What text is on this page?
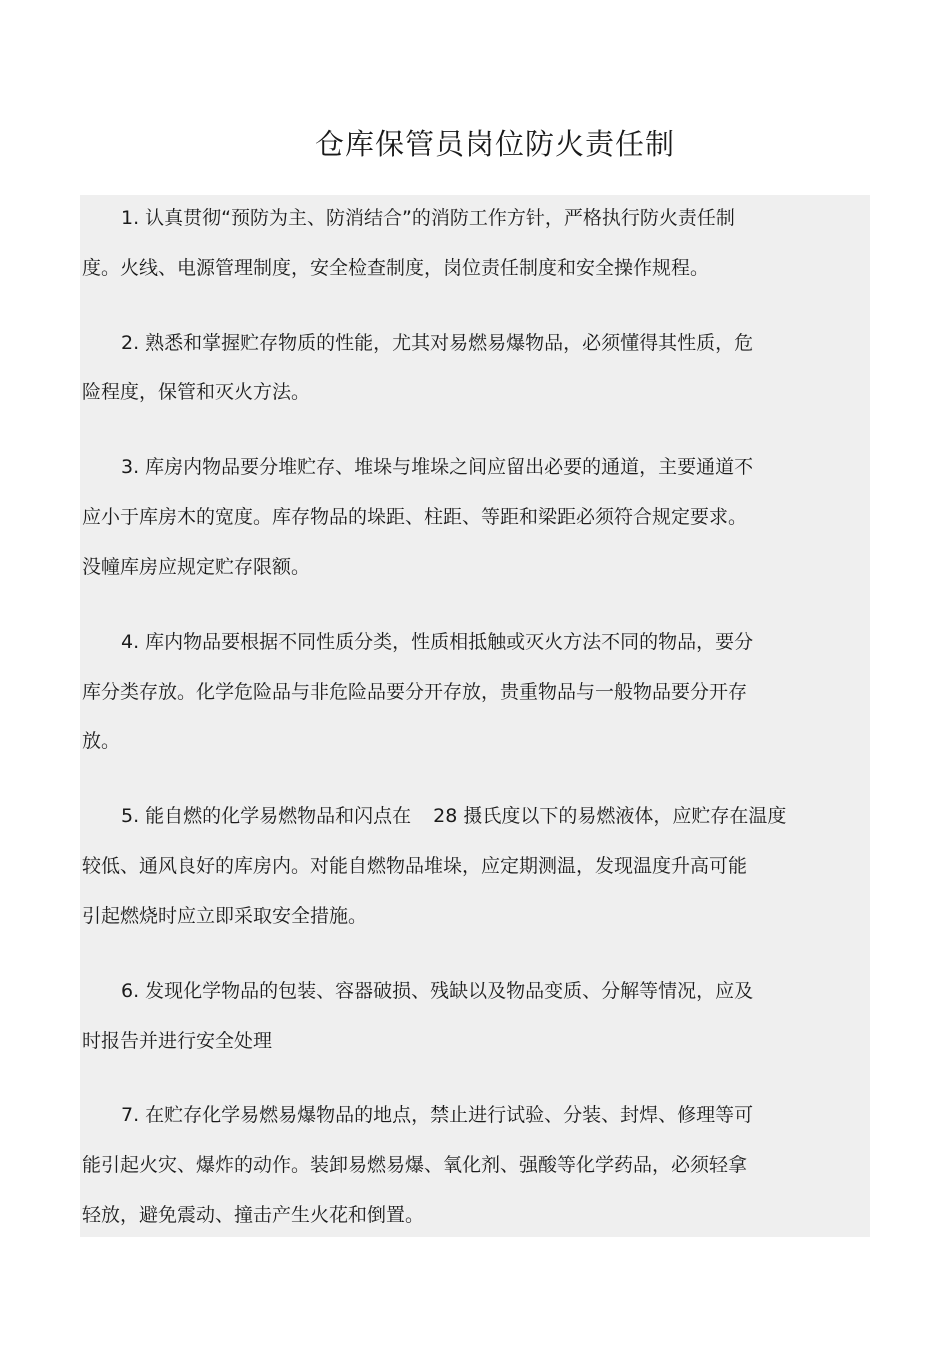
仓库保管员岗位防火责任制
1. 认真贯彻“预防为主、防消结合”的消防工作方针，严格执行防火责任制
度。火线、电源管理制度，安全检查制度，岗位责任制度和安全操作规程。
2. 熟悉和掌握贮存物质的性能，尤其对易燃易爆物品，必须懂得其性质，危
险程度，保管和灭火方法。
3. 库房内物品要分堆贮存、堆垛与堆垛之间应留出必要的通道，主要通道不
应小于库房木的宽度。库存物品的垛距、柱距、等距和梁距必须符合规定要求。
没幢库房应规定贮存限额。
4. 库内物品要根据不同性质分类，性质相抵触或灭火方法不同的物品，要分
库分类存放。化学危险品与非危险品要分开存放，贵重物品与一般物品要分开存
放。
5. 能自燃的化学易燃物品和闪点在 28 摄氏度以下的易燃液体，应贮存在温度
较低、通风良好的库房内。对能自燃物品堆垛，应定期测温，发现温度升高可能
引起燃烧时应立即采取安全措施。
6. 发现化学物品的包装、容器破损、残缺以及物品变质、分解等情况，应及
时报告并进行安全处理
7. 在贮存化学易燃易爆物品的地点，禁止进行试验、分装、封焊、修理等可
能引起火灾、爆炸的动作。装卸易燃易爆、氧化剂、强酸等化学药品，必须轻拿
轻放，避免震动、撞击产生火花和倒置。
